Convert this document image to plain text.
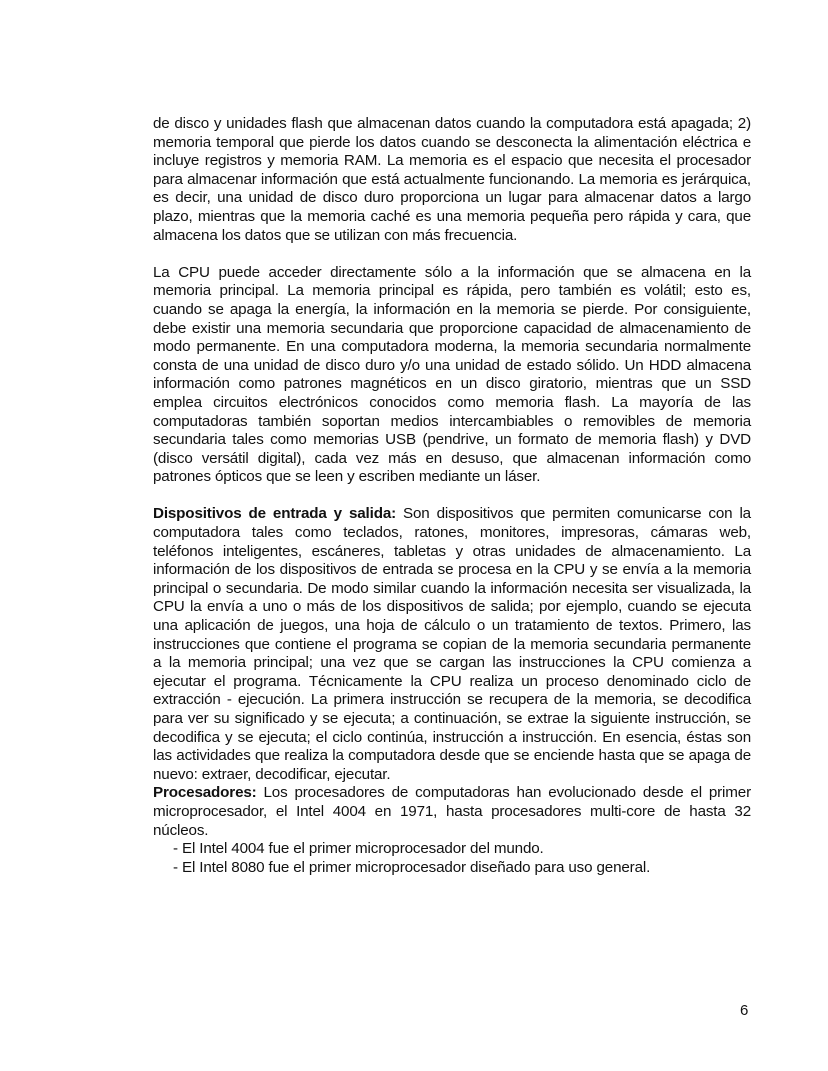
de disco y unidades flash que almacenan datos cuando la computadora está apagada; 2) memoria temporal que pierde los datos cuando se desconecta la alimentación eléctrica e incluye registros y memoria RAM. La memoria es el espacio que necesita el procesador para almacenar información que está actualmente funcionando. La memoria es jerárquica, es decir, una unidad de disco duro proporciona un lugar para almacenar datos a largo plazo, mientras que la memoria caché es una memoria pequeña pero rápida y cara, que almacena los datos que se utilizan con más frecuencia.

La CPU puede acceder directamente sólo a la información que se almacena en la memoria principal. La memoria principal es rápida, pero también es volátil; esto es, cuando se apaga la energía, la información en la memoria se pierde. Por consiguiente, debe existir una memoria secundaria que proporcione capacidad de almacenamiento de modo permanente. En una computadora moderna, la memoria secundaria normalmente consta de una unidad de disco duro y/o una unidad de estado sólido. Un HDD almacena información como patrones magnéticos en un disco giratorio, mientras que un SSD emplea circuitos electrónicos conocidos como memoria flash. La mayoría de las computadoras también soportan medios intercambiables o removibles de memoria secundaria tales como memorias USB (pendrive, un formato de memoria flash) y DVD (disco versátil digital), cada vez más en desuso, que almacenan información como patrones ópticos que se leen y escriben mediante un láser.

Dispositivos de entrada y salida: Son dispositivos que permiten comunicarse con la computadora tales como teclados, ratones, monitores, impresoras, cámaras web, teléfonos inteligentes, escáneres, tabletas y otras unidades de almacenamiento. La información de los dispositivos de entrada se procesa en la CPU y se envía a la memoria principal o secundaria. De modo similar cuando la información necesita ser visualizada, la CPU la envía a uno o más de los dispositivos de salida; por ejemplo, cuando se ejecuta una aplicación de juegos, una hoja de cálculo o un tratamiento de textos. Primero, las instrucciones que contiene el programa se copian de la memoria secundaria permanente a la memoria principal; una vez que se cargan las instrucciones la CPU comienza a ejecutar el programa. Técnicamente la CPU realiza un proceso denominado ciclo de extracción - ejecución. La primera instrucción se recupera de la memoria, se decodifica para ver su significado y se ejecuta; a continuación, se extrae la siguiente instrucción, se decodifica y se ejecuta; el ciclo continúa, instrucción a instrucción. En esencia, éstas son las actividades que realiza la computadora desde que se enciende hasta que se apaga de nuevo: extraer, decodificar, ejecutar.

Procesadores: Los procesadores de computadoras han evolucionado desde el primer microprocesador, el Intel 4004 en 1971, hasta procesadores multi-core de hasta 32 núcleos.

- El Intel 4004 fue el primer microprocesador del mundo.
- El Intel 8080 fue el primer microprocesador diseñado para uso general.
6
